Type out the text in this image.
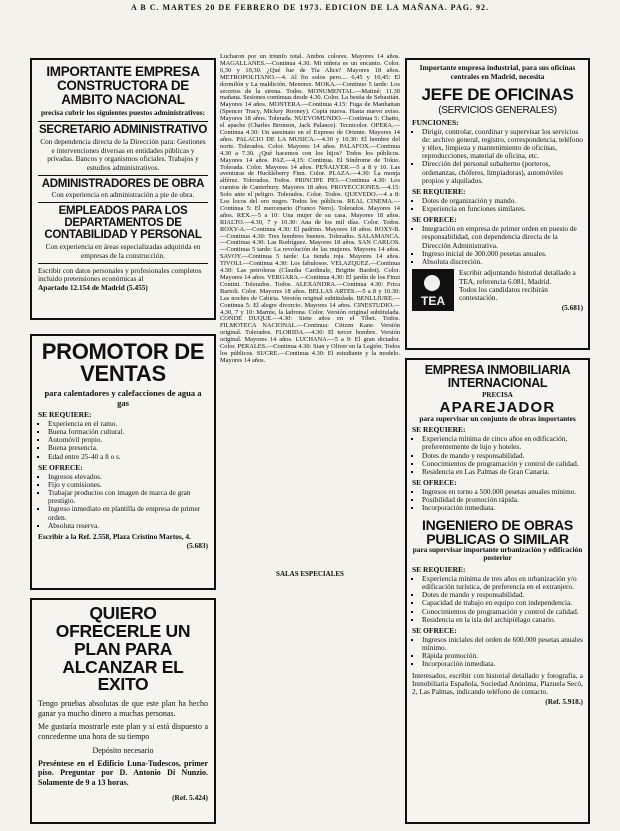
A B C. MARTES 20 DE FEBRERO DE 1973. EDICION DE LA MAÑANA. PAG. 92.
IMPORTANTE EMPRESA CONSTRUCTORA DE AMBITO NACIONAL
precisa cubrir los siguientes puestos administrativos:
SECRETARIO ADMINISTRATIVO
Con dependencia directa de la Dirección para: Gestiones e intervenciones diversas en entidades públicas y privadas. Bancos y organismos oficiales. Trabajos y estudios administrativos.
ADMINISTRADORES DE OBRA
Con experiencia en administración a pie de obra.
EMPLEADOS PARA LOS DEPARTAMENTOS DE CONTABILIDAD Y PERSONAL
Con experiencia en áreas especializadas adquirida en empresas de la construcción.
Escribir con datos personales y profesionales completos incluido pretensiones económicas al
Apartado 12.154 de Madrid (5.455)
PROMOTOR DE VENTAS
para calentadores y calefacciones de agua a gas
SE REQUIERE:
▪ Experiencia en el ramo.
▪ Buena formación cultural.
▪ Automóvil propio.
▪ Buena presencia.
▪ Edad entre 25-40 a ñ o s.
SE OFRECE:
▪ Ingresos elevados.
▪ Fijo y comisiones.
▪ Trabajar productos con imagen de marca de gran prestigio.
▪ Ingreso inmediato en plantilla de empresa de primer orden.
▪ Absoluta reserva.
Escribir a la Ref. 2.558, Plaza Cristino Martos, 4.
(5.683)
QUIERO OFRECERLE UN PLAN PARA ALCANZAR EL EXITO
Tengo pruebas absolutas de que este plan ha hecho ganar ya mucho dinero a muchas personas.
Me gustaría mostrarle este plan y si está dispuesto a concederme una hora de su tiempo
Depósito necesario
Preséntese en el Edificio Luna-Tudescos, primer piso. Preguntar por D. Antonio Di Nunzio. Solamente de 9 a 13 horas.
(Ref. 5.424)

Lucharon por un triunfo total. Ambos colores. Mayores 14 años. MAGALLANES.—Continua 4.30. Mi niñera es un encanto. Color. 6,30 y 10,30. ¿Qué fue de Tía Alice? Mayores 18 años. METROPOLITANO.—4. Al fin solos pero.... 6,45 y 10,45: El dormilón y La maldición. Menores. MOKA.—Continuo 5 tarde: Los secretos de la sirena. Todos. MONUMENTAL.—Matiné: 11.30 mañana. Sesiones continuas desde 4.30. Color. La bestia de Sebastián. Mayores 14 años. MONTERA.—Continua 4.15: Fuga de Manhattan (Spencer Tracy, Mickey Rooney). Copia nueva. Hasta nuevo aviso. Mayores 18 años. Tolerada. NUEVOMUNDO.—Continua 5: Chatto, el apache (Charles Bronson, Jack Palance). Tecnicolor. OPERA.—Continua 4.30: Un asesinato en el Expreso de Oriente. Mayores 14 años. PALACIO DE LA MUSICA.—4.30 y 10.30: El hombre del norte. Tolerados. Color. Mayores 14 años. PALAFOX.—Continua 4.30 a 7.30. ¿Qué hacemos con los hijos? Todos los públicos. Mayores 14 años. PAZ.—4,15: Continua. El Síndrome de Tokio. Tolerada. Color. Mayores 14 años. PEÑALVER.—5 a 8 y 10. Las aventuras de Huckleberry Finn. Color. PLAZA.—4.30: La monja alférez. Tolerados. Todos. PRINCIPE PIO.—Continua 4.30: Los cuentos de Canterbury. Mayores 18 años. PROYECCIONES.—4.15: Solo ante el peligro. Tolerados. Color. Todos. QUEVEDO.—4 a 8: Los locos del oro negro. Todos los públicos. REAL CINEMA.—Continua 5: El mercenario (Franco Nero). Tolerados. Mayores 14 años. REX.—5 a 10: Una mujer de su casa. Mayores 18 años. RIALTO.—4.30, 7 y 10.30: Ana de los mil días. Color. Todos. ROXY-A.—Continua 4.30: El padrino. Mayores 18 años. ROXY-B.—Continua 4.30: Tres hombres buenos. Tolerados. SALAMANCA.—Continua 4.30: Las Rodríguez. Mayores 18 años. SAN CARLOS.—Continua 5 tarde: La revolución de las mujeres. Mayores 14 años. SAVOY.—Continua 5 tarde: La tienda roja. Mayores 14 años. TIVOLI.—Continua 4.30: Los fabulosos. VELAZQUEZ.—Continua 4.30: Las petroleras (Claudia Cardinale, Brigitte Bardot). Color. Mayores 14 años. VERGARA.—Continua 4.30: El jardín de los Finzi Contini. Tolerados. Todos. ALEXANDRA.—Continua 4.30: Frica Bartoli. Color. Mayores 18 años. BELLAS ARTES.—5 a 8 y 10.30: Las noches de Cabiria. Versión original subtitulada. BENLLIURE.—Continua 5: El alegre divorcio. Mayores 14 años. CINESTUDIO.—4,30, 7 y 10: Marnie, la ladrona. Color. Versión original subtitulada. CONDE DUQUE.—4.30: Siete años en el Tíbet. Todos. FILMOTECA NACIONAL.—Continua: Citizen Kane. Versión original. Tolerados. FLORIDA.—4.30: El tercer hombre. Versión original. Mayores 14 años. LUCHANA.—5 a 9: El gran dictador. Color. PERALES.—Continua 4.30: Stan y Oliver en la Legión. Todos los públicos. SUCRE.—Continua 4.30: El estudiante y la modelo. Mayores 14 años.

SALAS ESPECIALES
Importante empresa industrial, para sus oficinas centrales en Madrid, necesita
JEFE DE OFICINAS
(SERVICIOS GENERALES)
FUNCIONES:
▪ Dirigir, controlar, coordinar y supervisar los servicios de: archivo general, registro, correspondencia, teléfono y télex, limpieza y mantenimiento de oficinas, reproducciones, material de oficina, etc.
▪ Dirección del personal subalterno (porteros, ordenanzas, chóferes, limpiadoras), automóviles propios y alquilados.
SE REQUIERE:
▪ Dotes de organización y mando.
▪ Experiencia en funciones similares.
SE OFRECE:
▪ Integración en empresa de primer orden en puesto de responsabilidad, con dependencia directa de la Dirección Administrativa.
▪ Ingreso inicial de 300.000 pesetas anuales.
▪ Absoluta discreción.
TEA
Escribir adjuntando historial detallado a TEA, referencia 6.081, Madrid.
Todos los candidatos recibirán contestación.
(5.681)
EMPRESA INMOBILIARIA INTERNACIONAL
PRECISA
APAREJADOR
para supervisar un conjunto de obras importantes
SE REQUIERE:
▪ Experiencia mínima de cinco años en edificación, preferentemente de lujo y hoteles.
▪ Dotes de mando y responsabilidad.
▪ Conocimientos de programación y control de calidad.
▪ Residencia en Las Palmas de Gran Canaria.
SE OFRECE:
▪ Ingresos en torno a 500.000 pesetas anuales mínimo.
▪ Posibilidad de promoción rápida.
▪ Incorporación inmediata.
INGENIERO DE OBRAS PUBLICAS O SIMILAR
para supervisar importante urbanización y edificación posterior
SE REQUIERE:
▪ Experiencia mínima de tres años en urbanización y/o edificación turística, de preferencia en el extranjero.
▪ Dotes de mando y responsabilidad.
▪ Capacidad de trabajo en equipo con independencia.
▪ Conocimientos de programación y control de calidad.
▪ Residencia en la isla del archipiélago canario.
SE OFRECE:
▪ Ingresos iniciales del orden de 600.000 pesetas anuales mínimo.
▪ Rápida promoción.
▪ Incorporación inmediata.
Interesados, escribir con historial detallado y fotografía, a Inmobiliaria Española, Sociedad Anónima, Plazuela Secó, 2, Las Palmas, indicando teléfono de contacto.
(Ref. 5.918.)
